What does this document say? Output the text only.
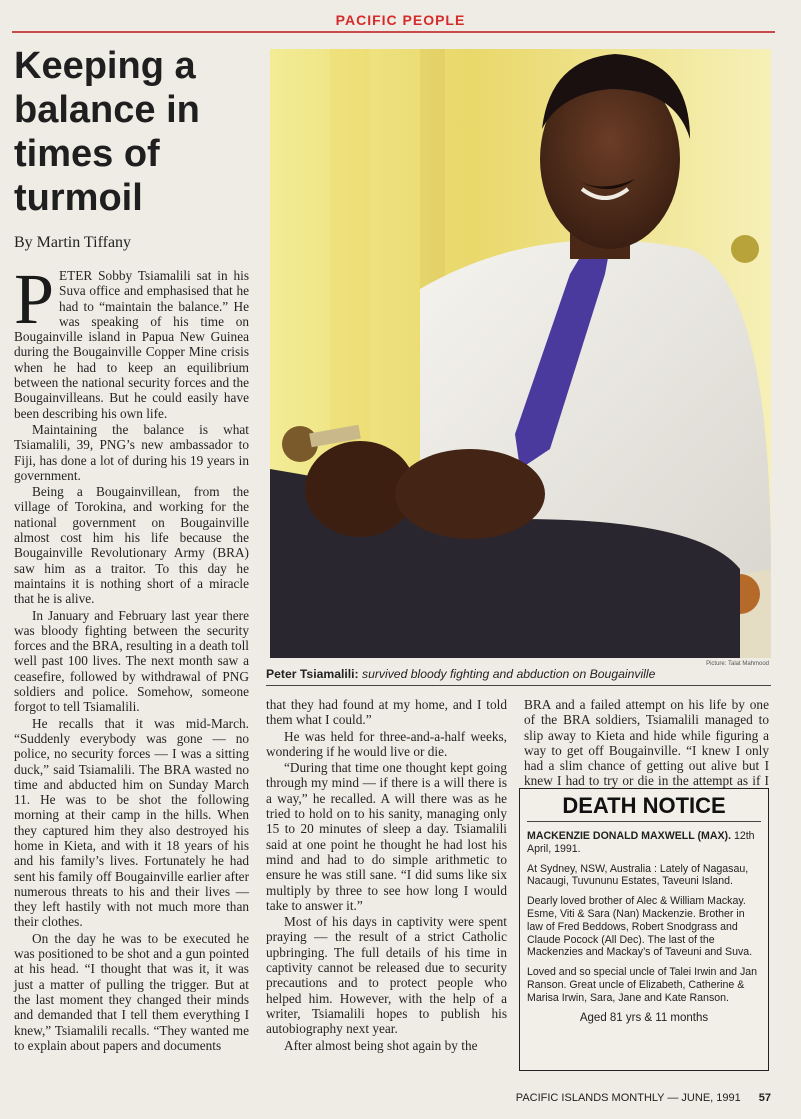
PACIFIC PEOPLE
Keeping a balance in times of turmoil
By Martin Tiffany

PETER Sobby Tsiamalili sat in his Suva office and emphasised that he had to “maintain the balance.” He was speaking of his time on Bougainville island in Papua New Guinea during the Bougainville Copper Mine crisis when he had to keep an equilibrium between the national security forces and the Bougainvilleans. But he could easily have been describing his own life.

Maintaining the balance is what Tsiamalili, 39, PNG’s new ambassador to Fiji, has done a lot of during his 19 years in government.

Being a Bougainvillean, from the village of Torokina, and working for the national government on Bougainville almost cost him his life because the Bougainville Revolutionary Army (BRA) saw him as a traitor. To this day he maintains it is nothing short of a miracle that he is alive.

In January and February last year there was bloody fighting between the security forces and the BRA, resulting in a death toll well past 100 lives. The next month saw a ceasefire, followed by withdrawal of PNG soldiers and police. Somehow, someone forgot to tell Tsiamalili.

He recalls that it was mid-March. “Suddenly everybody was gone — no police, no security forces — I was a sitting duck,” said Tsiamalili. The BRA wasted no time and abducted him on Sunday March 11. He was to be shot the following morning at their camp in the hills. When they captured him they also destroyed his home in Kieta, and with it 18 years of his and his family’s lives. Fortunately he had sent his family off Bougainville earlier after numerous threats to his and their lives — they left hastily with not much more than their clothes.

On the day he was to be executed he was positioned to be shot and a gun pointed at his head. “I thought that was it, it was just a matter of pulling the trigger. But at the last moment they changed their minds and demanded that I tell them everything I knew,” Tsiamalili recalls. “They wanted me to explain about papers and documents

Picture: Talat Mahmood
Peter Tsiamalili: survived bloody fighting and abduction on Bougainville

that they had found at my home, and I told them what I could.”

He was held for three-and-a-half weeks, wondering if he would live or die.

“During that time one thought kept going through my mind — if there is a will there is a way,” he recalled. A will there was as he tried to hold on to his sanity, managing only 15 to 20 minutes of sleep a day. Tsiamalili said at one point he thought he had lost his mind and had to do simple arithmetic to ensure he was still sane. “I did sums like six multiply by three to see how long I would take to answer it.”

Most of his days in captivity were spent praying — the result of a strict Catholic upbringing. The full details of his time in captivity cannot be released due to security precautions and to protect people who helped him. However, with the help of a writer, Tsiamalili hopes to publish his autobiography next year.

After almost being shot again by the

BRA and a failed attempt on his life by one of the BRA soldiers, Tsiamalili managed to slip away to Kieta and hide while figuring a way to get off Bougainville. “I knew I only had a slim chance of getting out alive but I knew I had to try or die in the attempt as if I

DEATH NOTICE

MACKENZIE DONALD MAXWELL (MAX). 12th April, 1991.

At Sydney, NSW, Australia : Lately of Nagasau, Nacaugi, Tuvununu Estates, Taveuni Island.

Dearly loved brother of Alec & William Mackay. Esme, Viti & Sara (Nan) Mackenzie. Brother in law of Fred Beddows, Robert Snodgrass and Claude Pocock (All Dec). The last of the Mackenzies and Mackay’s of Taveuni and Suva.

Loved and so special uncle of Talei Irwin and Jan Ranson. Great uncle of Elizabeth, Catherine & Marisa Irwin, Sara, Jane and Kate Ranson.

Aged 81 yrs & 11 months

PACIFIC ISLANDS MONTHLY — JUNE, 1991 57
